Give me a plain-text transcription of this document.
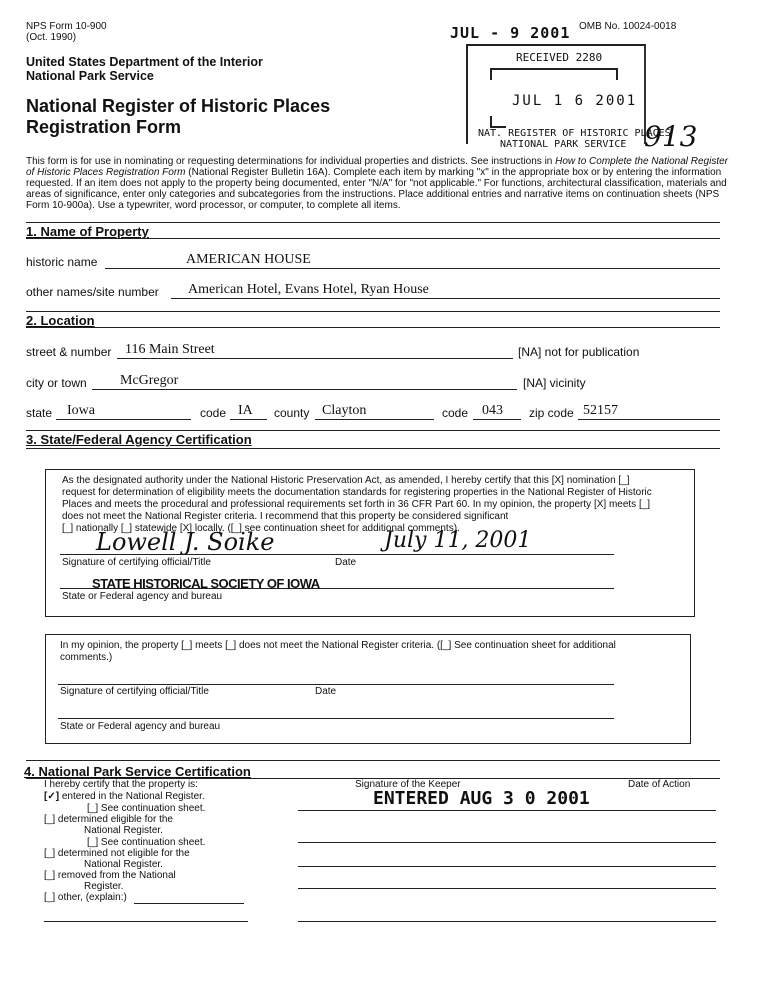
NPS Form 10-900
(Oct. 1990)
OMB No. 10024-0018
United States Department of the Interior
National Park Service
National Register of Historic Places
Registration Form
JUL - 9 2001
RECEIVED 2280
JUL 1 6 2001
NAT. REGISTER OF HISTORIC PLACES
NATIONAL PARK SERVICE 913
This form is for use in nominating or requesting determinations for individual properties and districts. See instructions in How to Complete the National Register
of Historic Places Registration Form (National Register Bulletin 16A). Complete each item by marking "x" in the appropriate box or by entering the information
requested. If an item does not apply to the property being documented, enter "N/A" for "not applicable." For functions, architectural classification, materials and
areas of significance, enter only categories and subcategories from the instructions. Place additional entries and narrative items on continuation sheets (NPS
Form 10-900a). Use a typewriter, word processor, or computer, to complete all items.
1. Name of Property
historic name	AMERICAN HOUSE
other names/site number American Hotel, Evans Hotel, Ryan House
2. Location
street & number 116 Main Street	[NA] not for publication
city or town McGregor	[NA] vicinity
state Iowa	code IA county Clayton	code 043 zip code 52157
3. State/Federal Agency Certification
As the designated authority under the National Historic Preservation Act, as amended, I hereby certify that this [X] nomination [_]
request for determination of eligibility meets the documentation standards for registering properties in the National Register of Historic
Places and meets the procedural and professional requirements set forth in 36 CFR Part 60. In my opinion, the property [X] meets [_]
does not meet the National Register criteria. I recommend that this property be considered significant
[_] nationally [_] statewide [X] locally. ([_] see continuation sheet for additional comments).
Lowell J. Soike	July 11, 2001
Signature of certifying official/Title	Date
STATE HISTORICAL SOCIETY OF IOWA
State or Federal agency and bureau
In my opinion, the property [_] meets [_] does not meet the National Register criteria. ([_] See continuation sheet for additional
comments.)
Signature of certifying official/Title	Date
State or Federal agency and bureau
4. National Park Service Certification
I hereby certify that the property is:
[✓] entered in the National Register.
[_] See continuation sheet.
[_] determined eligible for the
National Register.
[_] See continuation sheet.
[_] determined not eligible for the
National Register.
[_] removed from the National
Register.
[_] other, (explain:)
Signature of the Keeper	Date of Action
ENTERED AUG 3 0 2001
